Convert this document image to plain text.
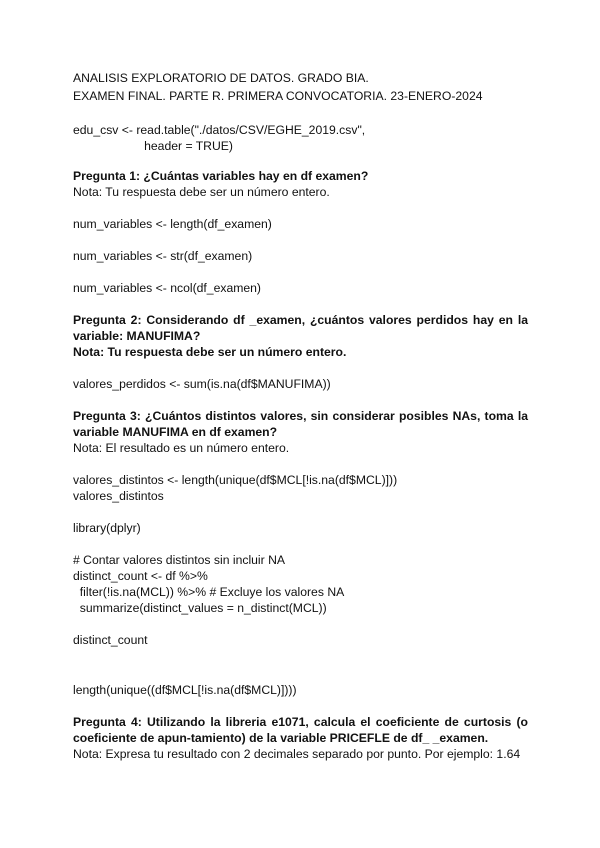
ANALISIS EXPLORATORIO DE DATOS. GRADO BIA.
EXAMEN FINAL. PARTE R. PRIMERA CONVOCATORIA. 23-ENERO-2024
edu_csv <- read.table("./datos/CSV/EGHE_2019.csv",
header = TRUE)
Pregunta 1: ¿Cuántas variables hay en df examen?
Nota: Tu respuesta debe ser un número entero.
num_variables <- length(df_examen)
num_variables <- str(df_examen)
num_variables <- ncol(df_examen)
Pregunta 2: Considerando df _examen, ¿cuántos valores perdidos hay en la
variable: MANUFIMA?
Nota: Tu respuesta debe ser un número entero.
valores_perdidos <- sum(is.na(df$MANUFIMA))
Pregunta 3: ¿Cuántos distintos valores, sin considerar posibles NAs, toma la
variable MANUFIMA en df examen?
Nota: El resultado es un número entero.
valores_distintos <- length(unique(df$MCL[!is.na(df$MCL)]))
valores_distintos
library(dplyr)
# Contar valores distintos sin incluir NA
distinct_count <- df %>%
filter(!is.na(MCL)) %>% # Excluye los valores NA
summarize(distinct_values = n_distinct(MCL))
distinct_count
length(unique((df$MCL[!is.na(df$MCL)])))
Pregunta 4: Utilizando la libreria e1071, calcula el coeficiente de curtosis (o
coeficiente de apun-tamiento) de la variable PRICEFLE de df_ _examen.
Nota: Expresa tu resultado con 2 decimales separado por punto. Por ejemplo: 1.64
